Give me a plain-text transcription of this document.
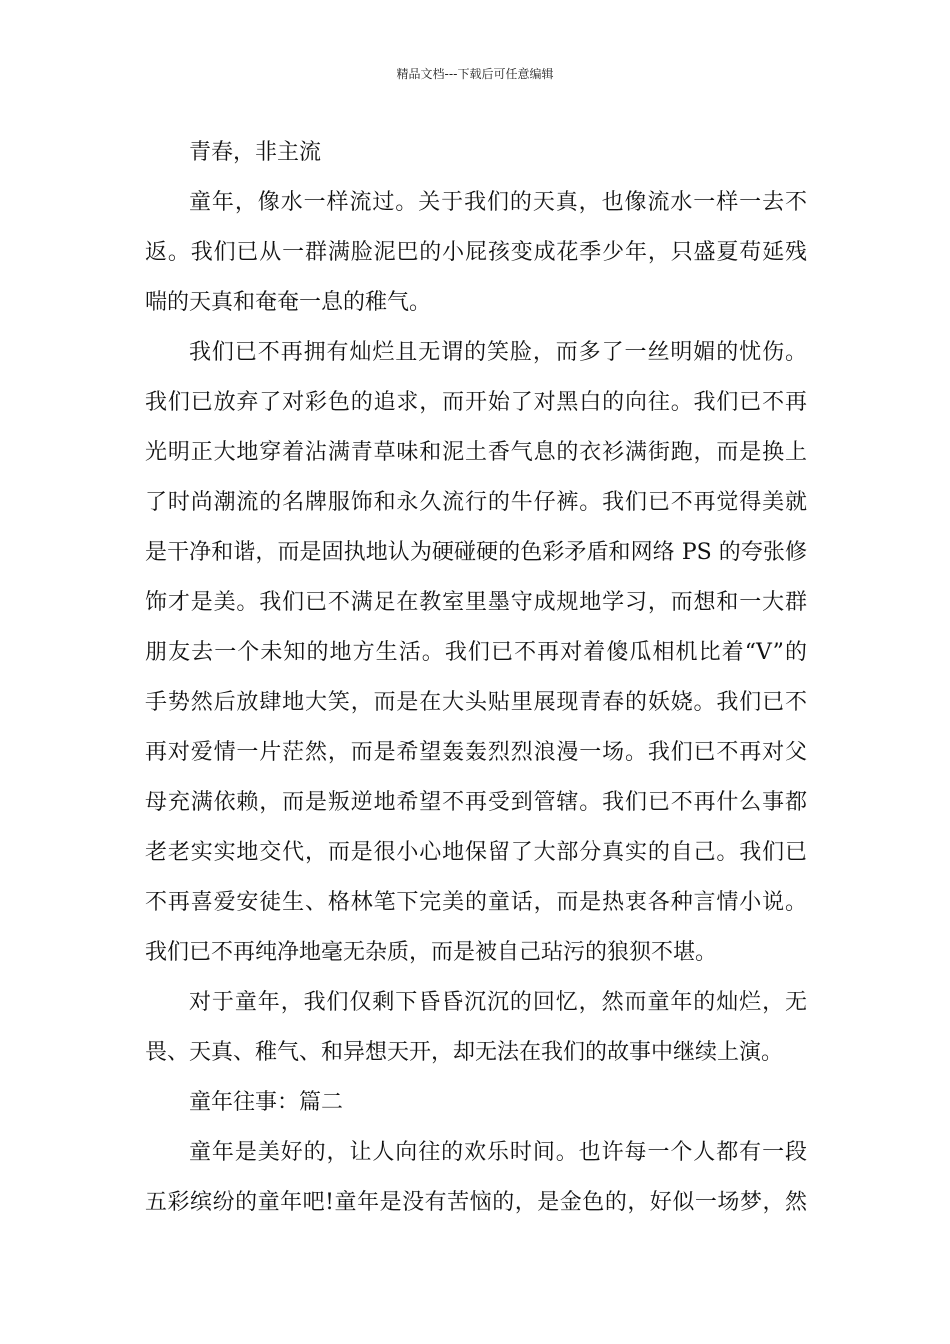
精品文档---下载后可任意编辑
青春，非主流
童年，像水一样流过。关于我们的天真，也像流水一样一去不
返。我们已从一群满脸泥巴的小屁孩变成花季少年，只盛夏苟延残
喘的天真和奄奄一息的稚气。
我们已不再拥有灿烂且无谓的笑脸，而多了一丝明媚的忧伤。
我们已放弃了对彩色的追求，而开始了对黑白的向往。我们已不再
光明正大地穿着沾满青草味和泥土香气息的衣衫满街跑，而是换上
了时尚潮流的名牌服饰和永久流行的牛仔裤。我们已不再觉得美就
是干净和谐，而是固执地认为硬碰硬的色彩矛盾和网络 PS 的夸张修
饰才是美。我们已不满足在教室里墨守成规地学习，而想和一大群
朋友去一个未知的地方生活。我们已不再对着傻瓜相机比着“V”的
手势然后放肆地大笑，而是在大头贴里展现青春的妖娆。我们已不
再对爱情一片茫然，而是希望轰轰烈烈浪漫一场。我们已不再对父
母充满依赖，而是叛逆地希望不再受到管辖。我们已不再什么事都
老老实实地交代，而是很小心地保留了大部分真实的自己。我们已
不再喜爱安徒生、格林笔下完美的童话，而是热衷各种言情小说。
我们已不再纯净地毫无杂质，而是被自己玷污的狼狈不堪。
对于童年，我们仅剩下昏昏沉沉的回忆，然而童年的灿烂，无
畏、天真、稚气、和异想天开，却无法在我们的故事中继续上演。
童年往事：篇二
童年是美好的，让人向往的欢乐时间。也许每一个人都有一段
五彩缤纷的童年吧!童年是没有苦恼的，是金色的，好似一场梦，然
